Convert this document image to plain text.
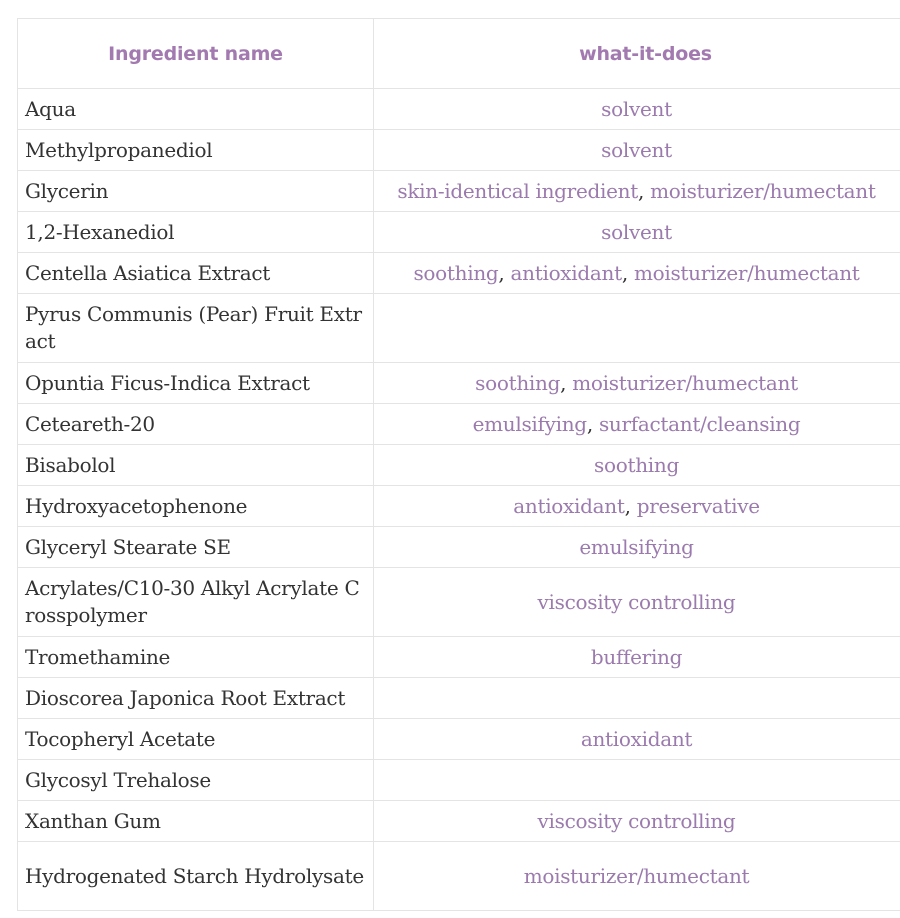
Ingredient name	what-it-does
Aqua	solvent
Methylpropanediol	solvent
Glycerin	skin-identical ingredient, moisturizer/humectant
1,2-Hexanediol	solvent
Centella Asiatica Extract	soothing, antioxidant, moisturizer/humectant
Pyrus Communis (Pear) Fruit Extract	
Opuntia Ficus-Indica Extract	soothing, moisturizer/humectant
Ceteareth-20	emulsifying, surfactant/cleansing
Bisabolol	soothing
Hydroxyacetophenone	antioxidant, preservative
Glyceryl Stearate SE	emulsifying
Acrylates/C10-30 Alkyl Acrylate Crosspolymer	viscosity controlling
Tromethamine	buffering
Dioscorea Japonica Root Extract	
Tocopheryl Acetate	antioxidant
Glycosyl Trehalose	
Xanthan Gum	viscosity controlling
Hydrogenated Starch Hydrolysate	moisturizer/humectant
